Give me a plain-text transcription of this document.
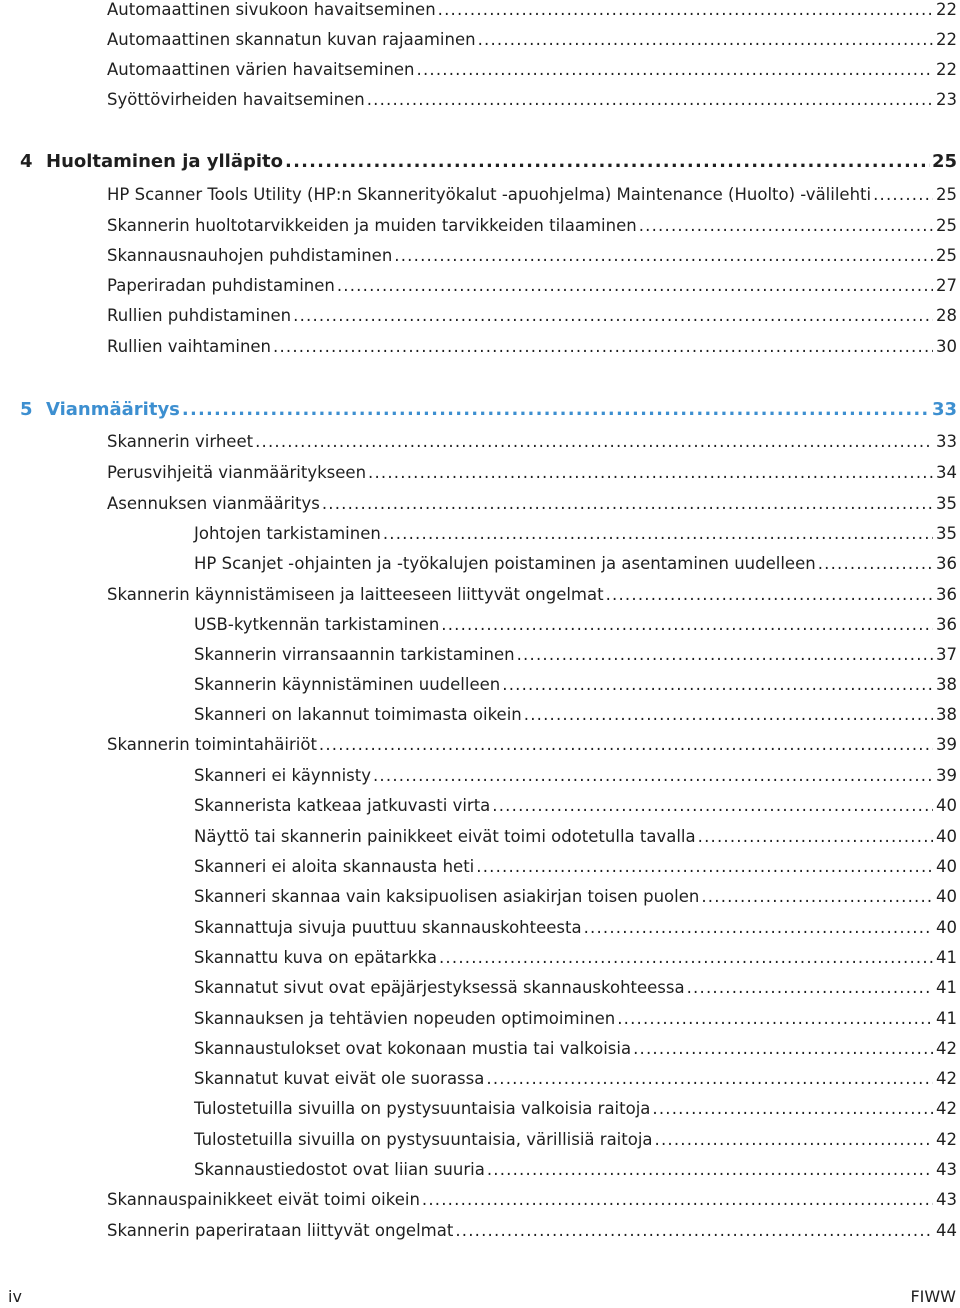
Automaattinen sivukoon havaitseminen .....	22
Automaattinen skannatun kuvan rajaaminen .....	22
Automaattinen värien havaitseminen .....	22
Syöttövirheiden havaitseminen .....	23
4 Huoltaminen ja ylläpito .....	25
HP Scanner Tools Utility (HP:n Skannerityökalut -apuohjelma) Maintenance (Huolto) -välilehti .....	25
Skannerin huoltotarvikkeiden ja muiden tarvikkeiden tilaaminen .....	25
Skannausnauhojen puhdistaminen .....	25
Paperiradan puhdistaminen .....	27
Rullien puhdistaminen .....	28
Rullien vaihtaminen .....	30
5 Vianmääritys .....	33
Skannerin virheet .....	33
Perusvihjeitä vianmääritykseen .....	34
Asennuksen vianmääritys .....	35
Johtojen tarkistaminen .....	35
HP Scanjet -ohjainten ja -työkalujen poistaminen ja asentaminen uudelleen .....	36
Skannerin käynnistämiseen ja laitteeseen liittyvät ongelmat .....	36
USB-kytkennän tarkistaminen .....	36
Skannerin virransaannin tarkistaminen .....	37
Skannerin käynnistäminen uudelleen .....	38
Skanneri on lakannut toimimasta oikein .....	38
Skannerin toimintahäiriöt .....	39
Skanneri ei käynnisty .....	39
Skannerista katkeaa jatkuvasti virta .....	40
Näyttö tai skannerin painikkeet eivät toimi odotetulla tavalla .....	40
Skanneri ei aloita skannausta heti .....	40
Skanneri skannaa vain kaksipuolisen asiakirjan toisen puolen .....	40
Skannattuja sivuja puuttuu skannauskohteesta .....	40
Skannattu kuva on epätarkka .....	41
Skannatut sivut ovat epäjärjestyksessä skannauskohteessa .....	41
Skannauksen ja tehtävien nopeuden optimoiminen .....	41
Skannaustulokset ovat kokonaan mustia tai valkoisia .....	42
Skannatut kuvat eivät ole suorassa .....	42
Tulostetuilla sivuilla on pystysuuntaisia valkoisia raitoja .....	42
Tulostetuilla sivuilla on pystysuuntaisia, värillisiä raitoja .....	42
Skannaustiedostot ovat liian suuria .....	43
Skannauspainikkeet eivät toimi oikein .....	43
Skannerin paperirataan liittyvät ongelmat .....	44
iv	FIWW
